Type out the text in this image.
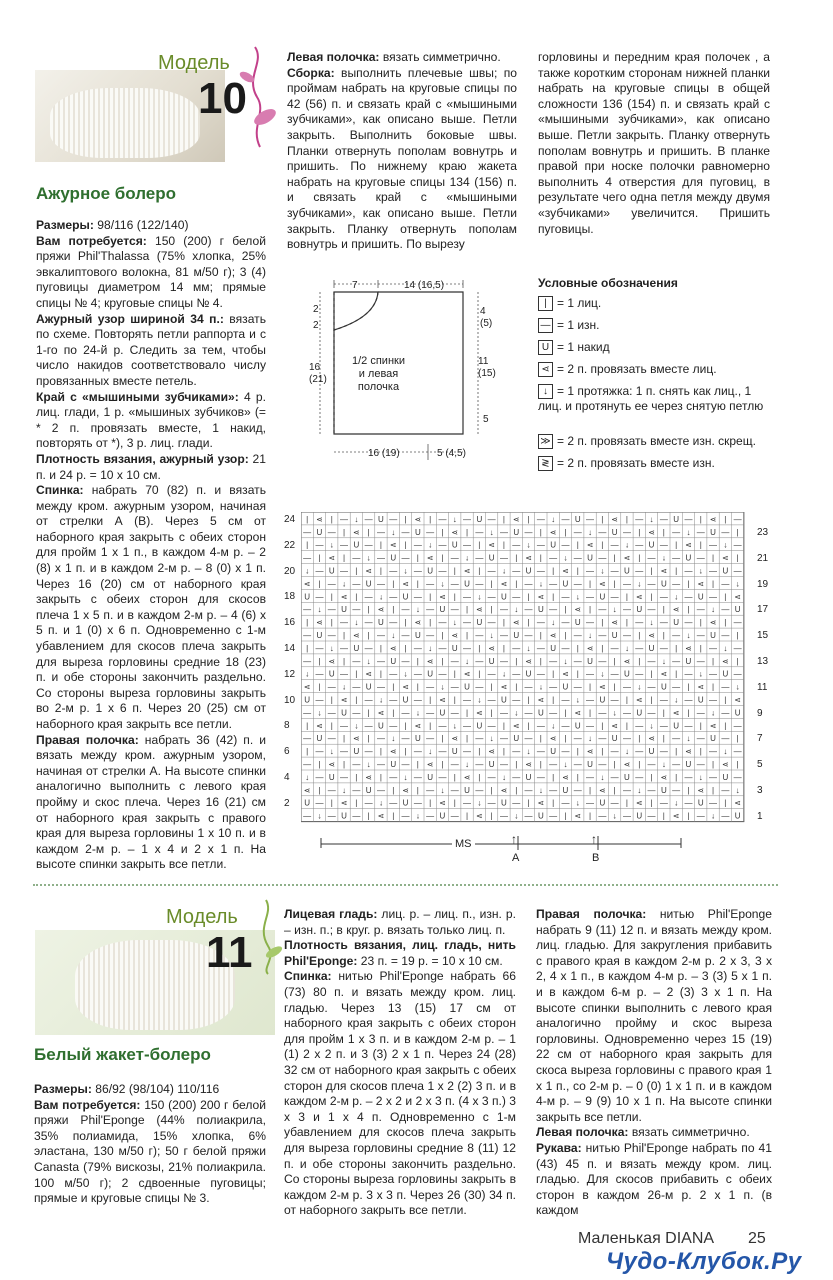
Модель
10
Ажурное болеро

Размеры: 98/116 (122/140)

Вам потребуется: 150 (200) г белой пряжи Phil'Thalassa (75% хлопка, 25% эвкалиптового волокна, 81 м/50 г); 3 (4) пуговицы диаметром 14 мм; прямые спицы № 4; круговые спицы № 4.

Ажурный узор шириной 34 п.: вязать по схеме. Повторять петли раппорта и с 1-го по 24-й р. Следить за тем, чтобы число накидов соответствовало числу провязанных вместе петель.

Край с «мышиными зубчиками»: 4 р. лиц. глади, 1 р. «мышиных зубчиков» (= * 2 п. провязать вместе, 1 накид, повторять от *), 3 р. лиц. глади.

Плотность вязания, ажурный узор: 21 п. и 24 р. = 10 х 10 см.

Спинка: набрать 70 (82) п. и вязать между кром. ажурным узором, начиная от стрелки А (В). Через 5 см от наборного края закрыть с обеих сторон для пройм 1 х 1 п., в каждом 4-м р. – 2 (8) х 1 п. и в каждом 2-м р. – 8 (0) х 1 п. Через 16 (20) см от наборного края закрыть с обеих сторон для скосов плеча 1 х 5 п. и в каждом 2-м р. – 4 (6) х 5 п. и 1 (0) х 6 п. Одновременно с 1-м убавлением для скосов плеча закрыть для выреза горловины средние 18 (23) п. и обе стороны закончить раздельно. Со стороны выреза горловины закрыть во 2-м р. 1 х 6 п. Через 20 (25) см от наборного края закрыть все петли.

Правая полочка: набрать 36 (42) п. и вязать между кром. ажурным узором, начиная от стрелки А. На высоте спинки аналогично выполнить с левого края пройму и скос плеча. Через 16 (21) см от наборного края закрыть с правого края для выреза горловины 1 х 10 п. и в каждом 2-м р. – 1 х 4 и 2 х 1 п. На высоте спинки закрыть все петли.

Левая полочка: вязать симметрично.

Сборка: выполнить плечевые швы; по проймам набрать на круговые спицы по 42 (56) п. и связать край с «мышиными зубчиками», как описано выше. Петли закрыть. Выполнить боковые швы. Планки отвернуть пополам вовнутрь и пришить. По нижнему краю жакета набрать на круговые спицы 134 (156) п. и связать край с «мышиными зубчиками», как описано выше. Петли закрыть. Планку отвернуть пополам вовнутрь и пришить. По вырезу

горловины и передним края полочек , а также коротким сторонам нижней планки набрать на круговые спицы в общей сложности 136 (154) п. и связать край с «мышиными зубчиками», как описано выше. Петли закрыть. Планку отвернуть пополам вовнутрь и пришить. В планке правой при носке полочки равномерно выполнить 4 отверстия для пуговиц, в результате чего одна петля между двумя «зубчиками» увеличится. Пришить пуговицы.
7	14 (16,5)
2
2
16
(21)
4
(5)
11
(15)
5
1/2 спинки
и левая
полочка
16 (19)	5 (4,5)
Условные обозначения
| = 1 лиц.
— = 1 изн.
U = 1 накид
⋖ = 2 п. провязать вместе лиц.
↓ = 1 протяжка: 1 п. снять как лиц., 1 лиц. и протянуть ее через снятую петлю
≫ = 2 п. провязать вместе изн. скрещ.
≷ = 2 п. провязать вместе изн.
| ⋖ | — ↓ — U — | ⋖ | — ↓ — U — | ⋖ | — ↓ — U — | ⋖ | — ↓ — U — | ⋖ | —
— U — | ⋖ | — ↓ — U — | ⋖ | — ↓ — U — | ⋖ | — ↓ — U — | ⋖ | — ↓ — U — |
| — ↓ — U — | ⋖ | — ↓ — U — | ⋖ | — ↓ — U — | ⋖ | — ↓ — U — | ⋖ | — ↓ —
— | ⋖ | — ↓ — U — | ⋖ | — ↓ — U — | ⋖ | — ↓ — U — | ⋖ | — ↓ — U — | ⋖ |
↓ — U — | ⋖ | — ↓ — U — | ⋖ | — ↓ — U — | ⋖ | — ↓ — U — | ⋖ | — ↓ — U —
⋖ | — ↓ — U — | ⋖ | — ↓ — U — | ⋖ | — ↓ — U — | ⋖ | — ↓ — U — | ⋖ | — ↓
U — | ⋖ | — ↓ — U — | ⋖ | — ↓ — U — | ⋖ | — ↓ — U — | ⋖ | — ↓ — U — | ⋖
— ↓ — U — | ⋖ | — ↓ — U — | ⋖ | — ↓ — U — | ⋖ | — ↓ — U — | ⋖ | — ↓ — U
| ⋖ | — ↓ — U — | ⋖ | — ↓ — U — | ⋖ | — ↓ — U — | ⋖ | — ↓ — U — | ⋖ | —
— U — | ⋖ | — ↓ — U — | ⋖ | — ↓ — U — | ⋖ | — ↓ — U — | ⋖ | — ↓ — U — |
| — ↓ — U — | ⋖ | — ↓ — U — | ⋖ | — ↓ — U — | ⋖ | — ↓ — U — | ⋖ | — ↓ —
— | ⋖ | — ↓ — U — | ⋖ | — ↓ — U — | ⋖ | — ↓ — U — | ⋖ | — ↓ — U — | ⋖ |
↓ — U — | ⋖ | — ↓ — U — | ⋖ | — ↓ — U — | ⋖ | — ↓ — U — | ⋖ | — ↓ — U —
⋖ | — ↓ — U — | ⋖ | — ↓ — U — | ⋖ | — ↓ — U — | ⋖ | — ↓ — U — | ⋖ | — ↓
U — | ⋖ | — ↓ — U — | ⋖ | — ↓ — U — | ⋖ | — ↓ — U — | ⋖ | — ↓ — U — | ⋖
— ↓ — U — | ⋖ | — ↓ — U — | ⋖ | — ↓ — U — | ⋖ | — ↓ — U — | ⋖ | — ↓ — U
| ⋖ | — ↓ — U — | ⋖ | — ↓ — U — | ⋖ | — ↓ — U — | ⋖ | — ↓ — U — | ⋖ | —
— U — | ⋖ | — ↓ — U — | ⋖ | — ↓ — U — | ⋖ | — ↓ — U — | ⋖ | — ↓ — U — |
| — ↓ — U — | ⋖ | — ↓ — U — | ⋖ | — ↓ — U — | ⋖ | — ↓ — U — | ⋖ | — ↓ —
— | ⋖ | — ↓ — U — | ⋖ | — ↓ — U — | ⋖ | — ↓ — U — | ⋖ | — ↓ — U — | ⋖ |
↓ — U — | ⋖ | — ↓ — U — | ⋖ | — ↓ — U — | ⋖ | — ↓ — U — | ⋖ | — ↓ — U —
⋖ | — ↓ — U — | ⋖ | — ↓ — U — | ⋖ | — ↓ — U — | ⋖ | — ↓ — U — | ⋖ | — ↓
U — | ⋖ | — ↓ — U — | ⋖ | — ↓ — U — | ⋖ | — ↓ — U — | ⋖ | — ↓ — U — | ⋖
— ↓ — U — | ⋖ | — ↓ — U — | ⋖ | — ↓ — U — | ⋖ | — ↓ — U — | ⋖ | — ↓ — U
24
22
20
18
16
14
12
10
8
6
4
2
23
21
19
17
15
13
11
9
7
5
3
1
MS	↑	↑
A	B
Модель
11
Белый жакет-болеро

Размеры: 86/92 (98/104) 110/116

Вам потребуется: 150 (200) 200 г белой пряжи Phil'Eponge (44% полиакрила, 35% полиамида, 15% хлопка, 6% эластана, 130 м/50 г); 50 г белой пряжи Canasta (79% вискозы, 21% полиакрила. 100 м/50 г); 2 сдвоенные пуговицы; прямые и круговые спицы № 3.

Лицевая гладь: лиц. р. – лиц. п., изн. р. – изн. п.; в круг. р. вязать только лиц. п.

Плотность вязания, лиц. гладь, нить Phil'Eponge: 23 п. = 19 р. = 10 х 10 см.

Спинка: нитью Phil'Eponge набрать 66 (73) 80 п. и вязать между кром. лиц. гладью. Через 13 (15) 17 см от наборного края закрыть с обеих сторон для пройм 1 х 3 п. и в каждом 2-м р. – 1 (1) 2 х 2 п. и 3 (3) 2 х 1 п. Через 24 (28) 32 см от наборного края закрыть с обеих сторон для скосов плеча 1 х 2 (2) 3 п. и в каждом 2-м р. – 2 х 2 и 2 х 3 п. (4 х 3 п.) 3 х 3 и 1 х 4 п. Одновременно с 1-м убавлением для скосов плеча закрыть для выреза горловины средние 8 (11) 12 п. и обе стороны закончить раздельно. Со стороны выреза горловины закрыть в каждом 2-м р. 3 х 3 п. Через 26 (30) 34 п. от наборного закрыть все петли.

Правая полочка: нитью Phil'Eponge набрать 9 (11) 12 п. и вязать между кром. лиц. гладью. Для закругления прибавить с правого края в каждом 2-м р. 2 х 3, 3 х 2, 4 х 1 п., в каждом 4-м р. – 3 (3) 5 х 1 п. и в каждом 6-м р. – 2 (3) 3 х 1 п. На высоте спинки выполнить с левого края аналогично пройму и скос выреза горловины. Одновременно через 15 (19) 22 см от наборного края закрыть для скоса выреза горловины с правого края 1 х 1 п., со 2-м р. – 0 (0) 1 х 1 п. и в каждом 4-м р. – 9 (9) 10 х 1 п. На высоте спинки закрыть все петли.

Левая полочка: вязать симметрично.

Рукава: нитью Phil'Eponge набрать по 41 (43) 45 п. и вязать между кром. лиц. гладью. Для скосов прибавить с обеих сторон в каждом 26-м р. 2 х 1 п. (в каждом

Маленькая DIANA 25
Чудо-Клубок.Ру
